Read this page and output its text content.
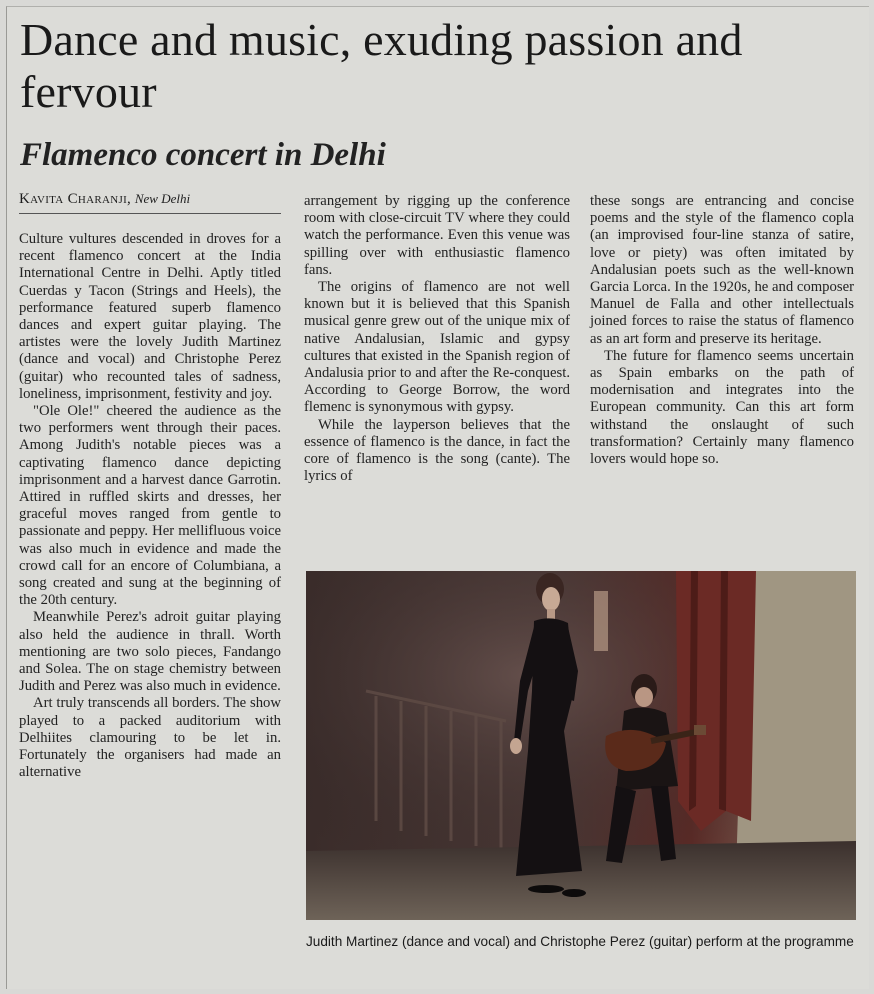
Dance and music, exuding passion and fervour
Flamenco concert in Delhi
Kavita Charanji, New Delhi

Culture vultures descended in droves for a recent flamenco concert at the India International Centre in Delhi. Aptly titled Cuerdas y Tacon (Strings and Heels), the performance featured superb flamenco dances and expert guitar playing. The artistes were the lovely Judith Martinez (dance and vocal) and Christophe Perez (guitar) who recounted tales of sadness, loneliness, imprisonment, festivity and joy.

"Ole Ole!" cheered the audience as the two performers went through their paces. Among Judith's notable pieces was a captivating flamenco dance depicting imprisonment and a harvest dance Garrotin. Attired in ruffled skirts and dresses, her graceful moves ranged from gentle to passionate and peppy. Her mellifluous voice was also much in evidence and made the crowd call for an encore of Columbiana, a song created and sung at the beginning of the 20th century.

Meanwhile Perez's adroit guitar playing also held the audience in thrall. Worth mentioning are two solo pieces, Fandango and Solea. The on stage chemistry between Judith and Perez was also much in evidence.

Art truly transcends all borders. The show played to a packed auditorium with Delhiites clamouring to be let in. Fortunately the organisers had made an alternative

arrangement by rigging up the conference room with close-circuit TV where they could watch the performance. Even this venue was spilling over with enthusiastic flamenco fans.

The origins of flamenco are not well known but it is believed that this Spanish musical genre grew out of the unique mix of native Andalusian, Islamic and gypsy cultures that existed in the Spanish region of Andalusia prior to and after the Re-conquest. According to George Borrow, the word flemenc is synonymous with gypsy.

While the layperson believes that the essence of flamenco is the dance, in fact the core of flamenco is the song (cante). The lyrics of

these songs are entrancing and concise poems and the style of the flamenco copla (an improvised four-line stanza of satire, love or piety) was often imitated by Andalusian poets such as the well-known Garcia Lorca. In the 1920s, he and composer Manuel de Falla and other intellectuals joined forces to raise the status of flamenco as an art form and preserve its heritage.

The future for flamenco seems uncertain as Spain embarks on the path of modernisation and integrates into the European community. Can this art form withstand the onslaught of such transformation? Certainly many flamenco lovers would hope so.

Judith Martinez (dance and vocal) and Christophe Perez (guitar) perform at the programme
